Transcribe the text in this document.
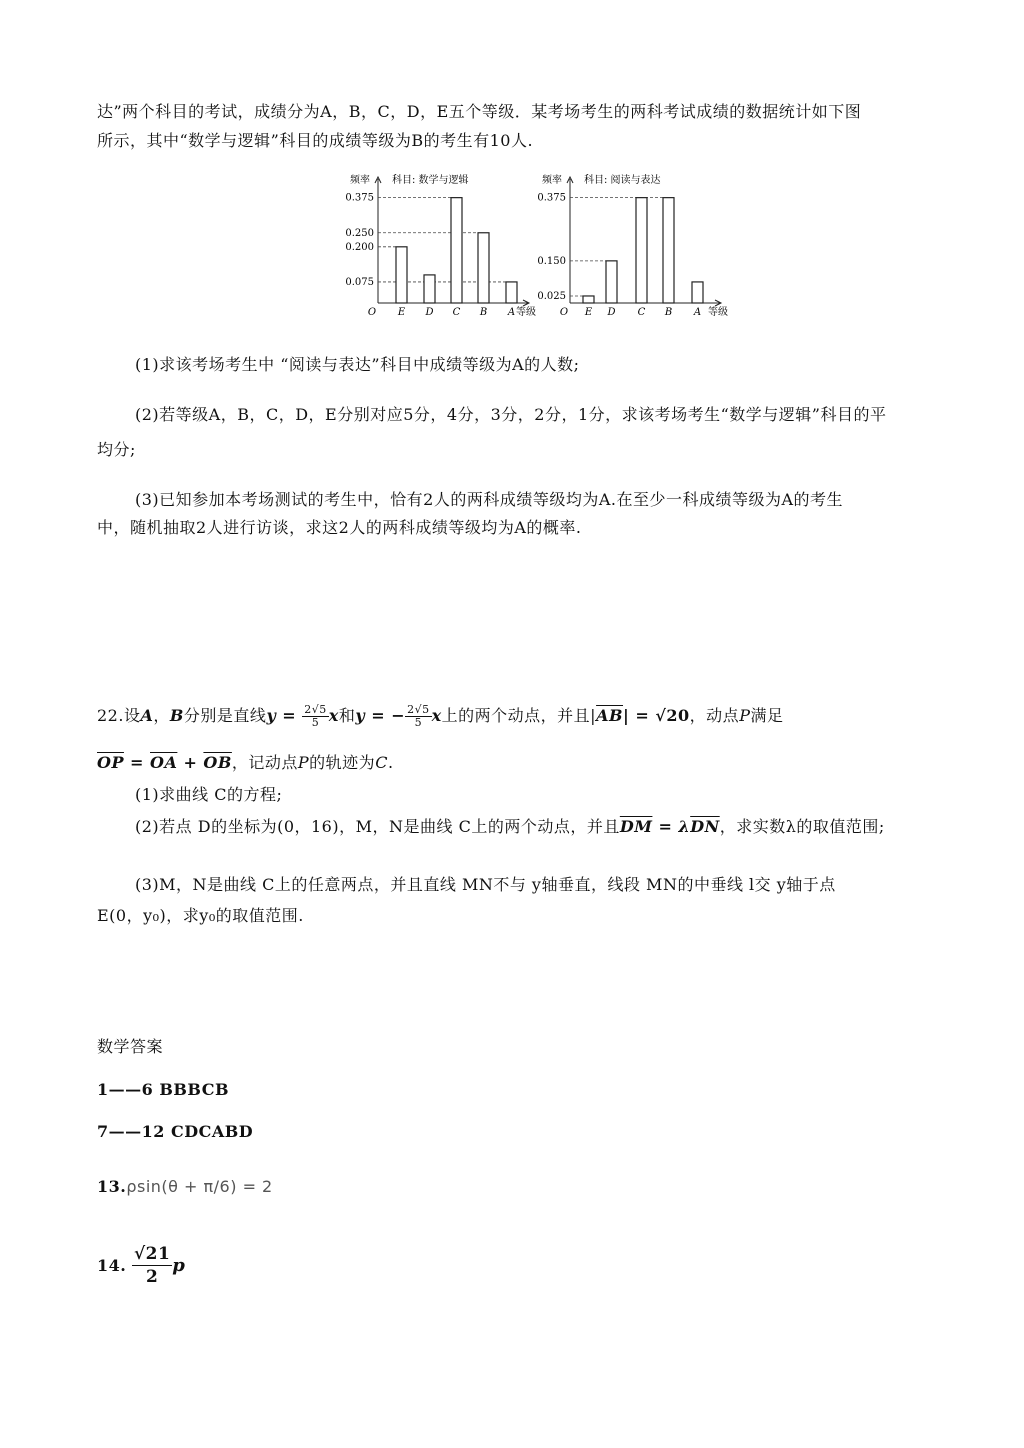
达”两个科目的考试，成绩分为A，B，C，D，E五个等级．某考场考生的两科考试成绩的数据统计如下图
所示，其中“数学与逻辑”科目的成绩等级为B的考生有10人.
频率 科目: 数学与逻辑
0.375
0.250
0.200
0.075
E D C B A
O	等级
频率 科目: 阅读与表达
0.375
0.150
0.025
E D C B A
O	等级
(1)求该考场考生中 “阅读与表达”科目中成绩等级为A的人数;
(2)若等级A，B，C，D，E分别对应5分，4分，3分，2分，1分，求该考场考生“数学与逻辑”科目的平
均分;
(3)已知参加本考场测试的考生中，恰有2人的两科成绩等级均为A.在至少一科成绩等级为A的考生
中，随机抽取2人进行访谈，求这2人的两科成绩等级均为A的概率.
22.设A，B分别是直线$y = \frac{2√5}{5}$ x和y = − $\frac{2√5}{5}$ x上的两个动点，并且$|\overline{AB}| = √20$，动点P满足
$\overline{OP} = \overline{OA} + \overline{OB}$，记动点P的轨迹为C.
(1)求曲线 C的方程;
(2)若点 D的坐标为(0，16)，M，N是曲线 C上的两个动点，并且$\overline{DM} = \lambda\overline{DN}$，求实数λ的取值范围;
(3)M，N是曲线 C上的任意两点，并且直线 MN不与 y轴垂直，线段 MN的中垂线 l交 y轴于点
E(0，y₀)，求y₀的取值范围.
数学答案
1——6 BBBCB
7——12 CDCABD
13.ρsin(θ + π/6) = 2
14. $\frac{√21}{2}$ p
